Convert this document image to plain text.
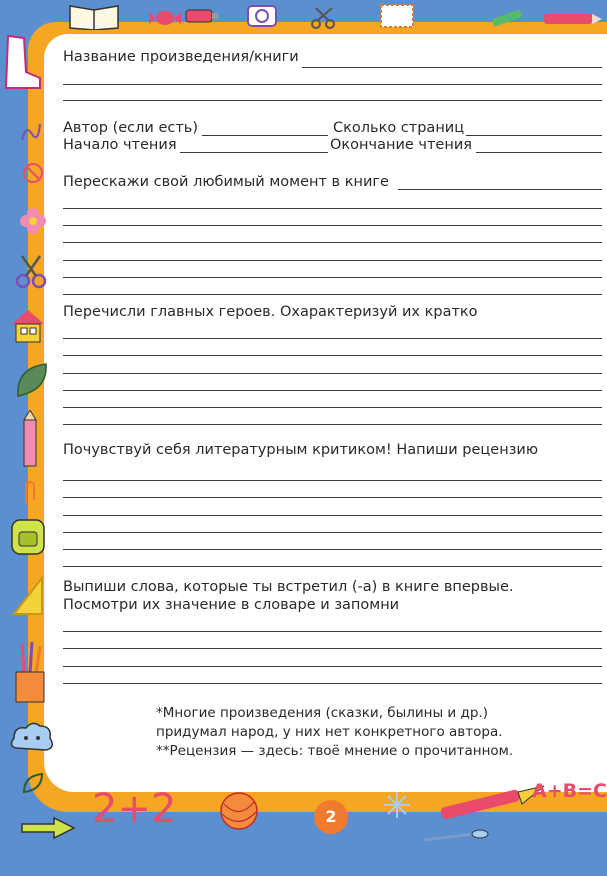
2+2	A+B=C
2
Название произведения/книги
Автор (если есть)	Сколько страниц
Начало чтения	Окончание чтения
Перескажи свой любимый момент в книге
Перечисли главных героев. Охарактеризуй их кратко
Почувствуй себя литературным критиком! Напиши рецензию
Выпиши слова, которые ты встретил (-а) в книге впервые.
Посмотри их значение в словаре и запомни
*Многие произведения (сказки, былины и др.)
придумал народ, у них нет конкретного автора.
**Рецензия — здесь: твоё мнение о прочитанном.
